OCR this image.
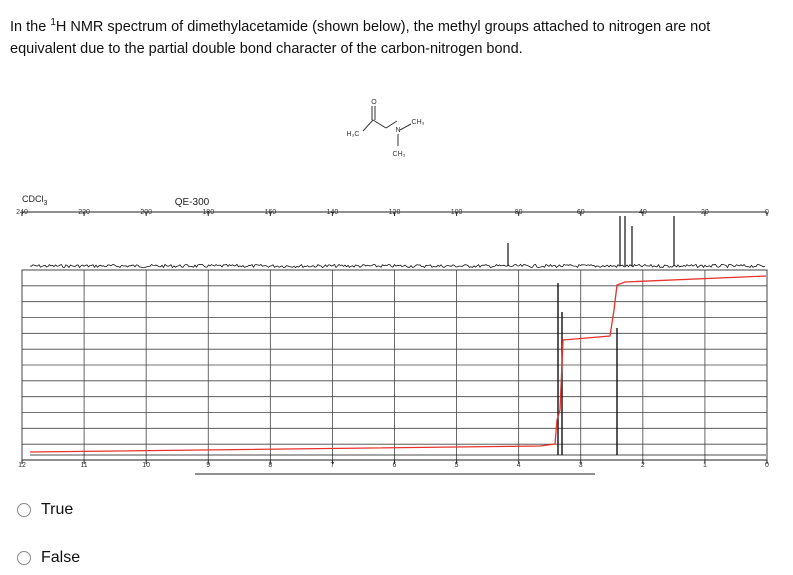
In the $^1$H NMR spectrum of dimethylacetamide (shown below), the methyl groups attached to nitrogen are not equivalent due to the partial double bond character of the carbon-nitrogen bond.

O
N
H₃C
CH₃
CH₃
CDCl$_3$	QE-300
240	220	200	180	160	140	120	100	80	60	40	20	0
12	11	10	9	8	7	6	5	4	3	2	1	0
True
False
